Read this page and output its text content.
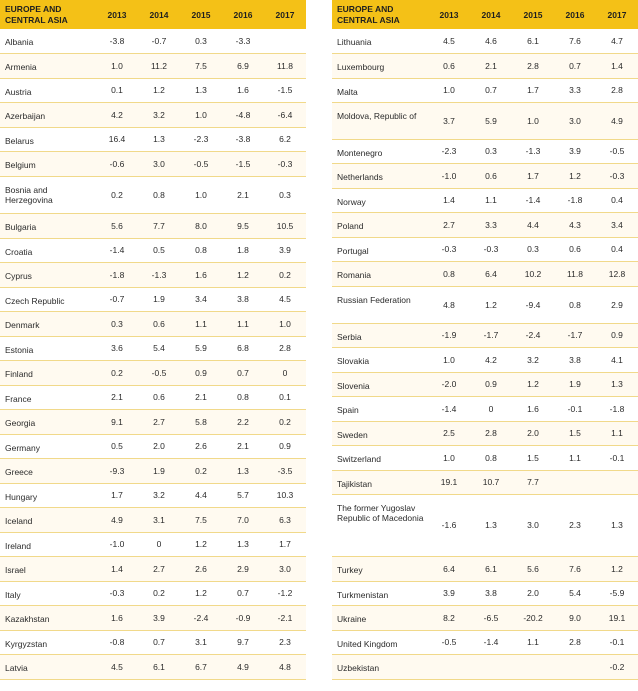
EUROPE AND CENTRAL ASIA	2013	2014	2015	2016	2017
Albania	-3.8	-0.7	0.3	-3.3	
Armenia	1.0	11.2	7.5	6.9	11.8
Austria	0.1	1.2	1.3	1.6	-1.5
Azerbaijan	4.2	3.2	1.0	-4.8	-6.4
Belarus	16.4	1.3	-2.3	-3.8	6.2
Belgium	-0.6	3.0	-0.5	-1.5	-0.3
Bosnia and Herzegovina	0.2	0.8	1.0	2.1	0.3
Bulgaria	5.6	7.7	8.0	9.5	10.5
Croatia	-1.4	0.5	0.8	1.8	3.9
Cyprus	-1.8	-1.3	1.6	1.2	0.2
Czech Republic	-0.7	1.9	3.4	3.8	4.5
Denmark	0.3	0.6	1.1	1.1	1.0
Estonia	3.6	5.4	5.9	6.8	2.8
Finland	0.2	-0.5	0.9	0.7	0
France	2.1	0.6	2.1	0.8	0.1
Georgia	9.1	2.7	5.8	2.2	0.2
Germany	0.5	2.0	2.6	2.1	0.9
Greece	-9.3	1.9	0.2	1.3	-3.5
Hungary	1.7	3.2	4.4	5.7	10.3
Iceland	4.9	3.1	7.5	7.0	6.3
Ireland	-1.0	0	1.2	1.3	1.7
Israel	1.4	2.7	2.6	2.9	3.0
Italy	-0.3	0.2	1.2	0.7	-1.2
Kazakhstan	1.6	3.9	-2.4	-0.9	-2.1
Kyrgyzstan	-0.8	0.7	3.1	9.7	2.3
Latvia	4.5	6.1	6.7	4.9	4.8
EUROPE AND CENTRAL ASIA	2013	2014	2015	2016	2017
Lithuania	4.5	4.6	6.1	7.6	4.7
Luxembourg	0.6	2.1	2.8	0.7	1.4
Malta	1.0	0.7	1.7	3.3	2.8
Moldova, Republic of	3.7	5.9	1.0	3.0	4.9
Montenegro	-2.3	0.3	-1.3	3.9	-0.5
Netherlands	-1.0	0.6	1.7	1.2	-0.3
Norway	1.4	1.1	-1.4	-1.8	0.4
Poland	2.7	3.3	4.4	4.3	3.4
Portugal	-0.3	-0.3	0.3	0.6	0.4
Romania	0.8	6.4	10.2	11.8	12.8
Russian Federation	4.8	1.2	-9.4	0.8	2.9
Serbia	-1.9	-1.7	-2.4	-1.7	0.9
Slovakia	1.0	4.2	3.2	3.8	4.1
Slovenia	-2.0	0.9	1.2	1.9	1.3
Spain	-1.4	0	1.6	-0.1	-1.8
Sweden	2.5	2.8	2.0	1.5	1.1
Switzerland	1.0	0.8	1.5	1.1	-0.1
Tajikistan	19.1	10.7	7.7		
The former Yugoslav Republic of Macedonia	-1.6	1.3	3.0	2.3	1.3
Turkey	6.4	6.1	5.6	7.6	1.2
Turkmenistan	3.9	3.8	2.0	5.4	-5.9
Ukraine	8.2	-6.5	-20.2	9.0	19.1
United Kingdom	-0.5	-1.4	1.1	2.8	-0.1
Uzbekistan					-0.2
